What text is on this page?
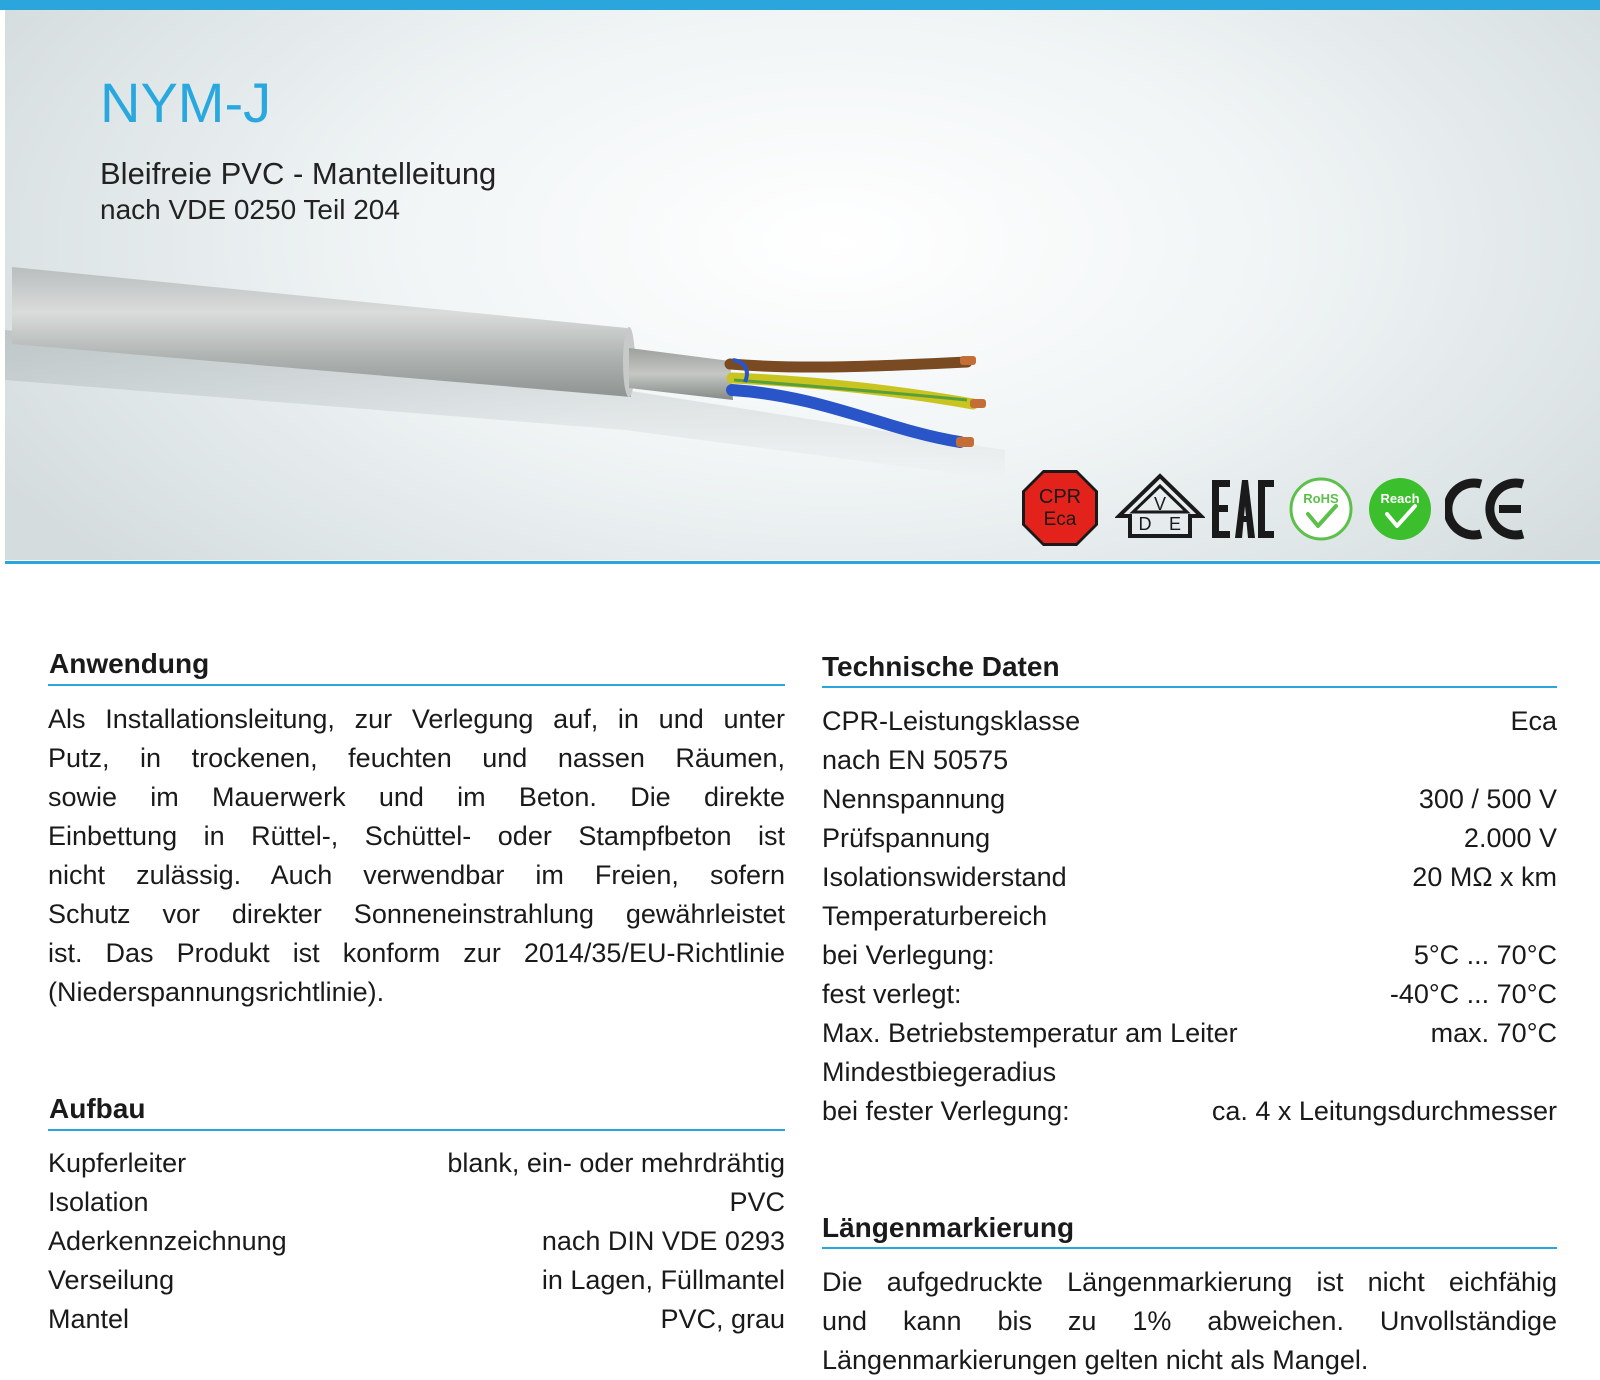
NYM-J
Bleifreie PVC - Mantelleitung
nach VDE 0250 Teil 204
CPR
Eca
V
D E
RoHS	Reach
Anwendung
Als Installationsleitung, zur Verlegung auf, in und unter
Putz, in trockenen, feuchten und nassen Räumen,
sowie im Mauerwerk und im Beton. Die direkte
Einbettung in Rüttel-, Schüttel- oder Stampfbeton ist
nicht zulässig. Auch verwendbar im Freien, sofern
Schutz vor direkter Sonneneinstrahlung gewährleistet
ist. Das Produkt ist konform zur 2014/35/EU-Richtlinie
(Niederspannungsrichtlinie).
Aufbau
Kupferleiter	blank, ein- oder mehrdrähtig
Isolation	PVC
Aderkennzeichnung	nach DIN VDE 0293
Verseilung	in Lagen, Füllmantel
Mantel	PVC, grau
Technische Daten
CPR-Leistungsklasse	Eca
nach EN 50575
Nennspannung	300 / 500 V
Prüfspannung	2.000 V
Isolationswiderstand	20 MΩ x km
Temperaturbereich
bei Verlegung:	5°C ... 70°C
fest verlegt:	-40°C ... 70°C
Max. Betriebstemperatur am Leiter	max. 70°C
Mindestbiegeradius
bei fester Verlegung:	ca. 4 x Leitungsdurchmesser
Längenmarkierung
Die aufgedruckte Längenmarkierung ist nicht eichfähig
und kann bis zu 1% abweichen. Unvollständige
Längenmarkierungen gelten nicht als Mangel.
